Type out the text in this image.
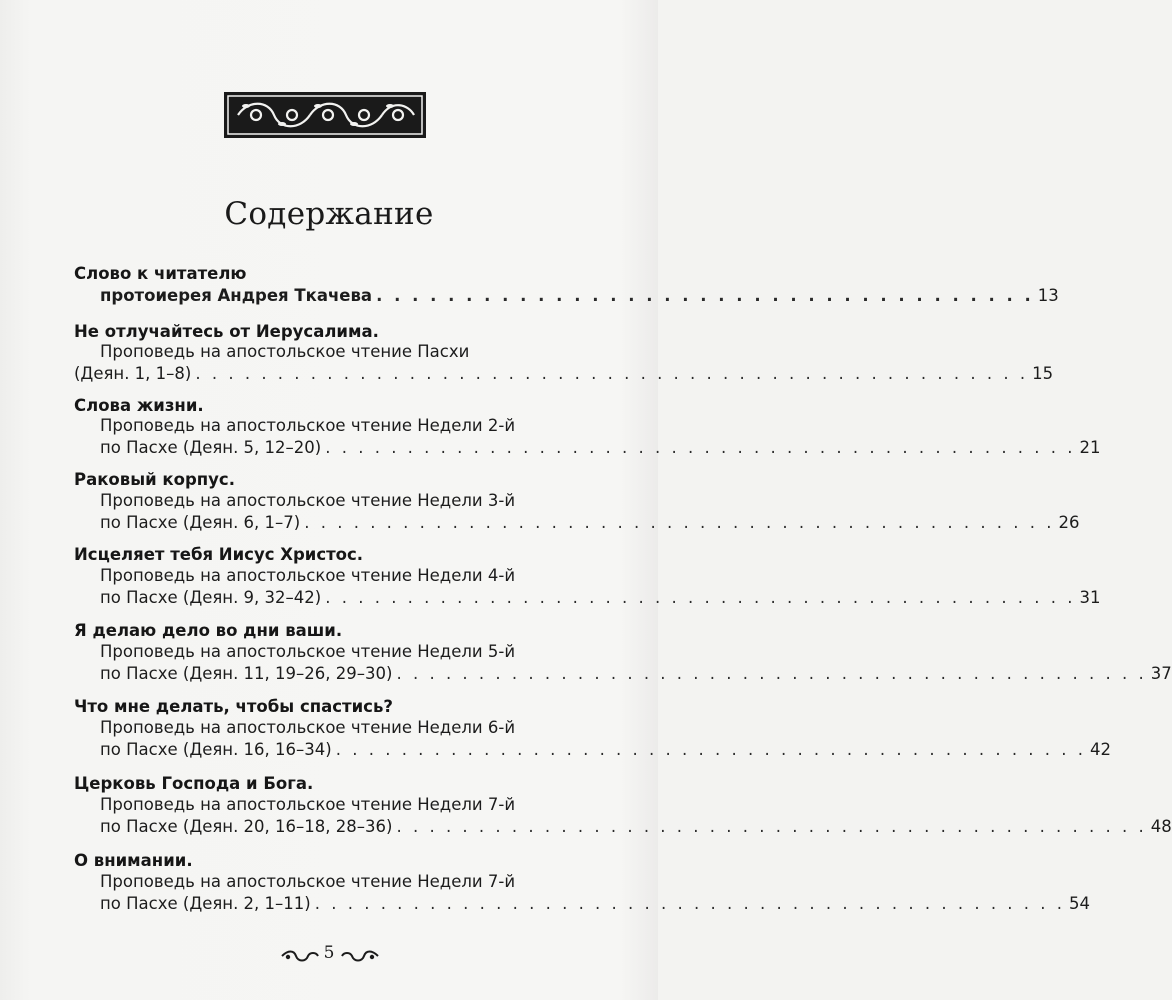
Содержание
Слово к читателю
протоиерея Андрея Ткачева . . . . . . . . . . . . . . . . . . . . . . . . . . . . . . . . . . . . . 13
Не отлучайтесь от Иерусалима.
Проповедь на апостольское чтение Пасхи
(Деян. 1, 1–8) . . . . . . . . . . . . . . . . . . . . . . . . . . . . . . . . . . . . . . . . . . . . . . . . . . . 15
Слова жизни.
Проповедь на апостольское чтение Недели 2-й
по Пасхе (Деян. 5, 12–20) . . . . . . . . . . . . . . . . . . . . . . . . . . . . . . . . . . . . . . . . . . . . . . 21
Раковый корпус.
Проповедь на апостольское чтение Недели 3-й
по Пасхе (Деян. 6, 1–7) . . . . . . . . . . . . . . . . . . . . . . . . . . . . . . . . . . . . . . . . . . . . . . 26
Исцеляет тебя Иисус Христос.
Проповедь на апостольское чтение Недели 4-й
по Пасхе (Деян. 9, 32–42) . . . . . . . . . . . . . . . . . . . . . . . . . . . . . . . . . . . . . . . . . . . . . . 31
Я делаю дело во дни ваши.
Проповедь на апостольское чтение Недели 5-й
по Пасхе (Деян. 11, 19–26, 29–30) . . . . . . . . . . . . . . . . . . . . . . . . . . . . . . . . . . . . . . . . . . . . . . 37
Что мне делать, чтобы спастись?
Проповедь на апостольское чтение Недели 6-й
по Пасхе (Деян. 16, 16–34) . . . . . . . . . . . . . . . . . . . . . . . . . . . . . . . . . . . . . . . . . . . . . . 42
Церковь Господа и Бога.
Проповедь на апостольское чтение Недели 7-й
по Пасхе (Деян. 20, 16–18, 28–36) . . . . . . . . . . . . . . . . . . . . . . . . . . . . . . . . . . . . . . . . . . . . . . 48
О внимании.
Проповедь на апостольское чтение Недели 7-й
по Пасхе (Деян. 2, 1–11) . . . . . . . . . . . . . . . . . . . . . . . . . . . . . . . . . . . . . . . . . . . . . . 54
5
